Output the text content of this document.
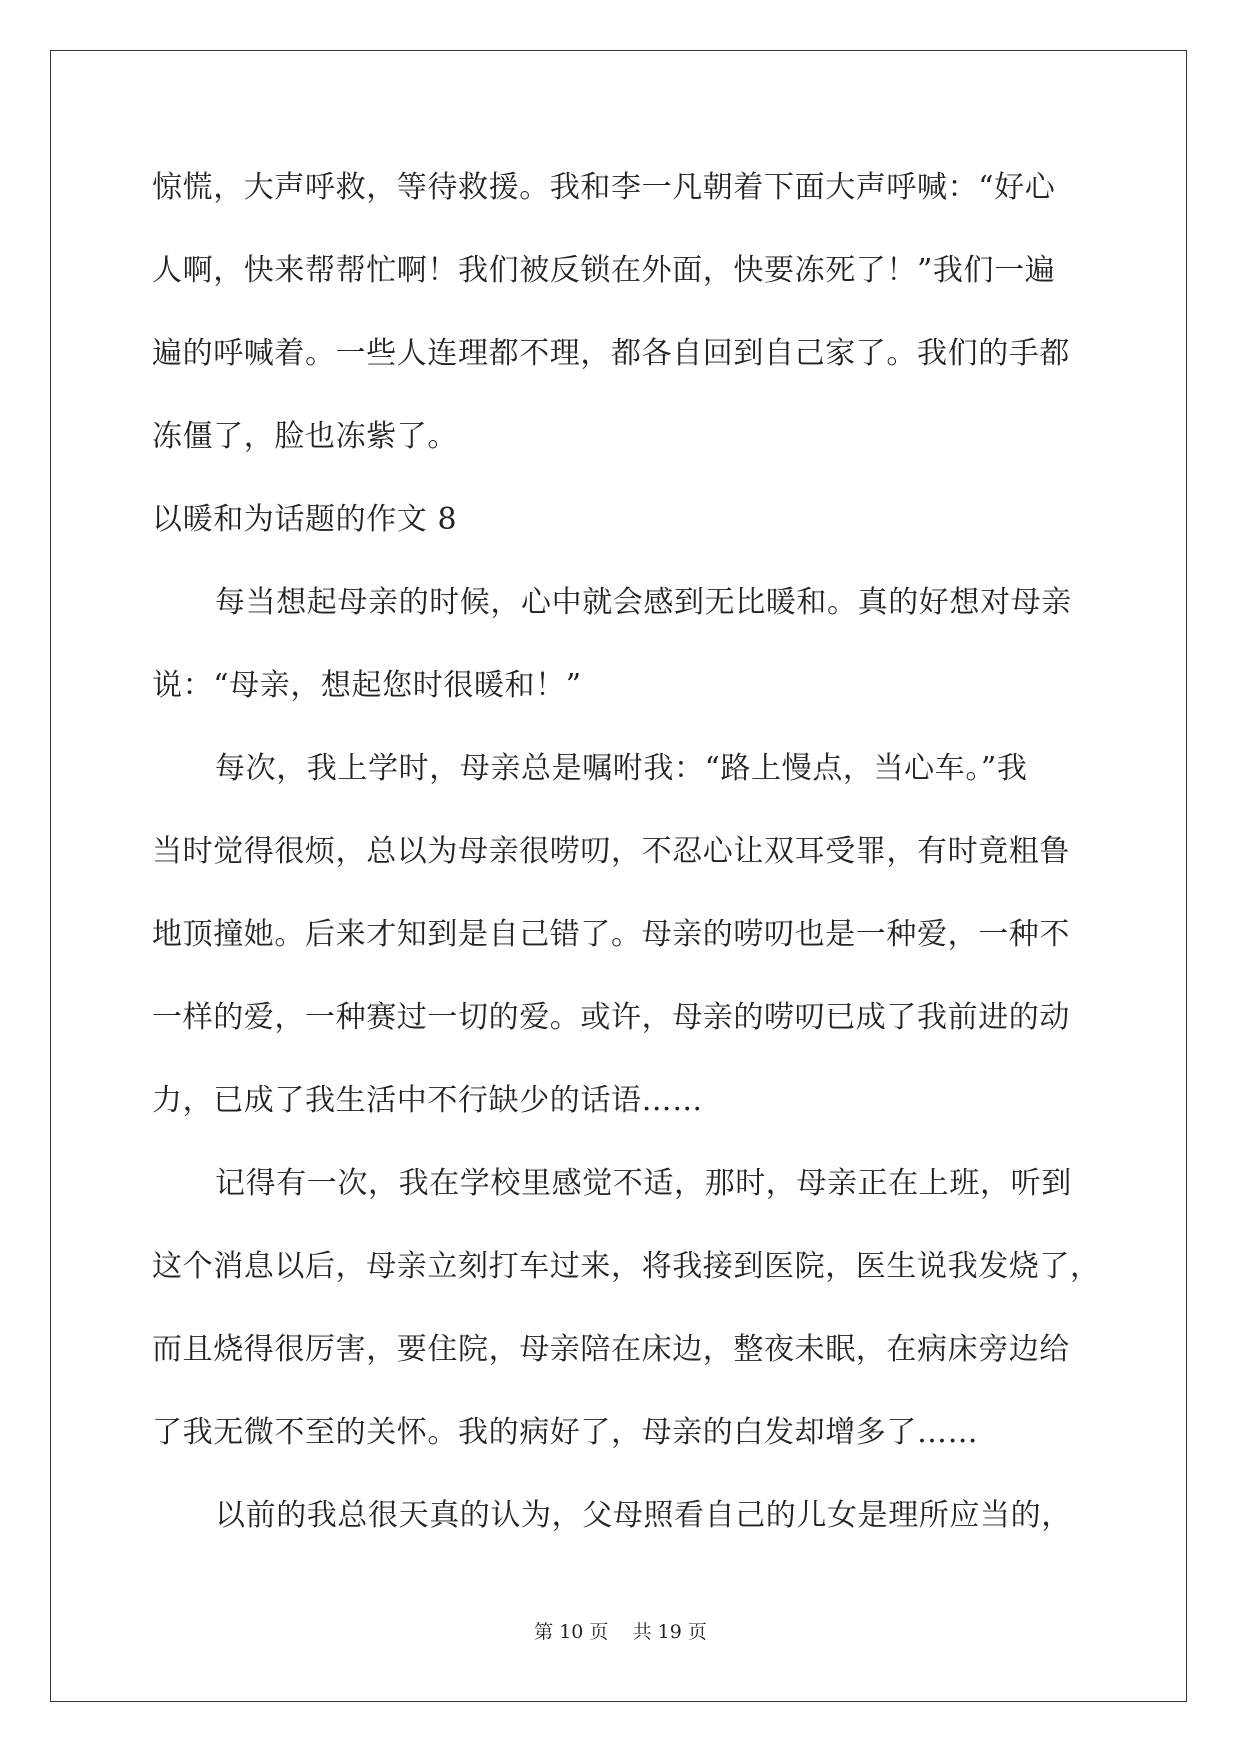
惊慌，大声呼救，等待救援。我和李一凡朝着下面大声呼喊：“好心
人啊，快来帮帮忙啊！我们被反锁在外面，快要冻死了！”我们一遍
遍的呼喊着。一些人连理都不理，都各自回到自己家了。我们的手都
冻僵了，脸也冻紫了。
以暖和为话题的作文 8
每当想起母亲的时候，心中就会感到无比暖和。真的好想对母亲
说：“母亲，想起您时很暖和！”
每次，我上学时，母亲总是嘱咐我：“路上慢点，当心车。”我
当时觉得很烦，总以为母亲很唠叨，不忍心让双耳受罪，有时竟粗鲁
地顶撞她。后来才知到是自己错了。母亲的唠叨也是一种爱，一种不
一样的爱，一种赛过一切的爱。或许，母亲的唠叨已成了我前进的动
力，已成了我生活中不行缺少的话语……
记得有一次，我在学校里感觉不适，那时，母亲正在上班，听到
这个消息以后，母亲立刻打车过来，将我接到医院，医生说我发烧了，
而且烧得很厉害，要住院，母亲陪在床边，整夜未眠，在病床旁边给
了我无微不至的关怀。我的病好了，母亲的白发却增多了……
以前的我总很天真的认为，父母照看自己的儿女是理所应当的，
第 10 页    共 19 页
